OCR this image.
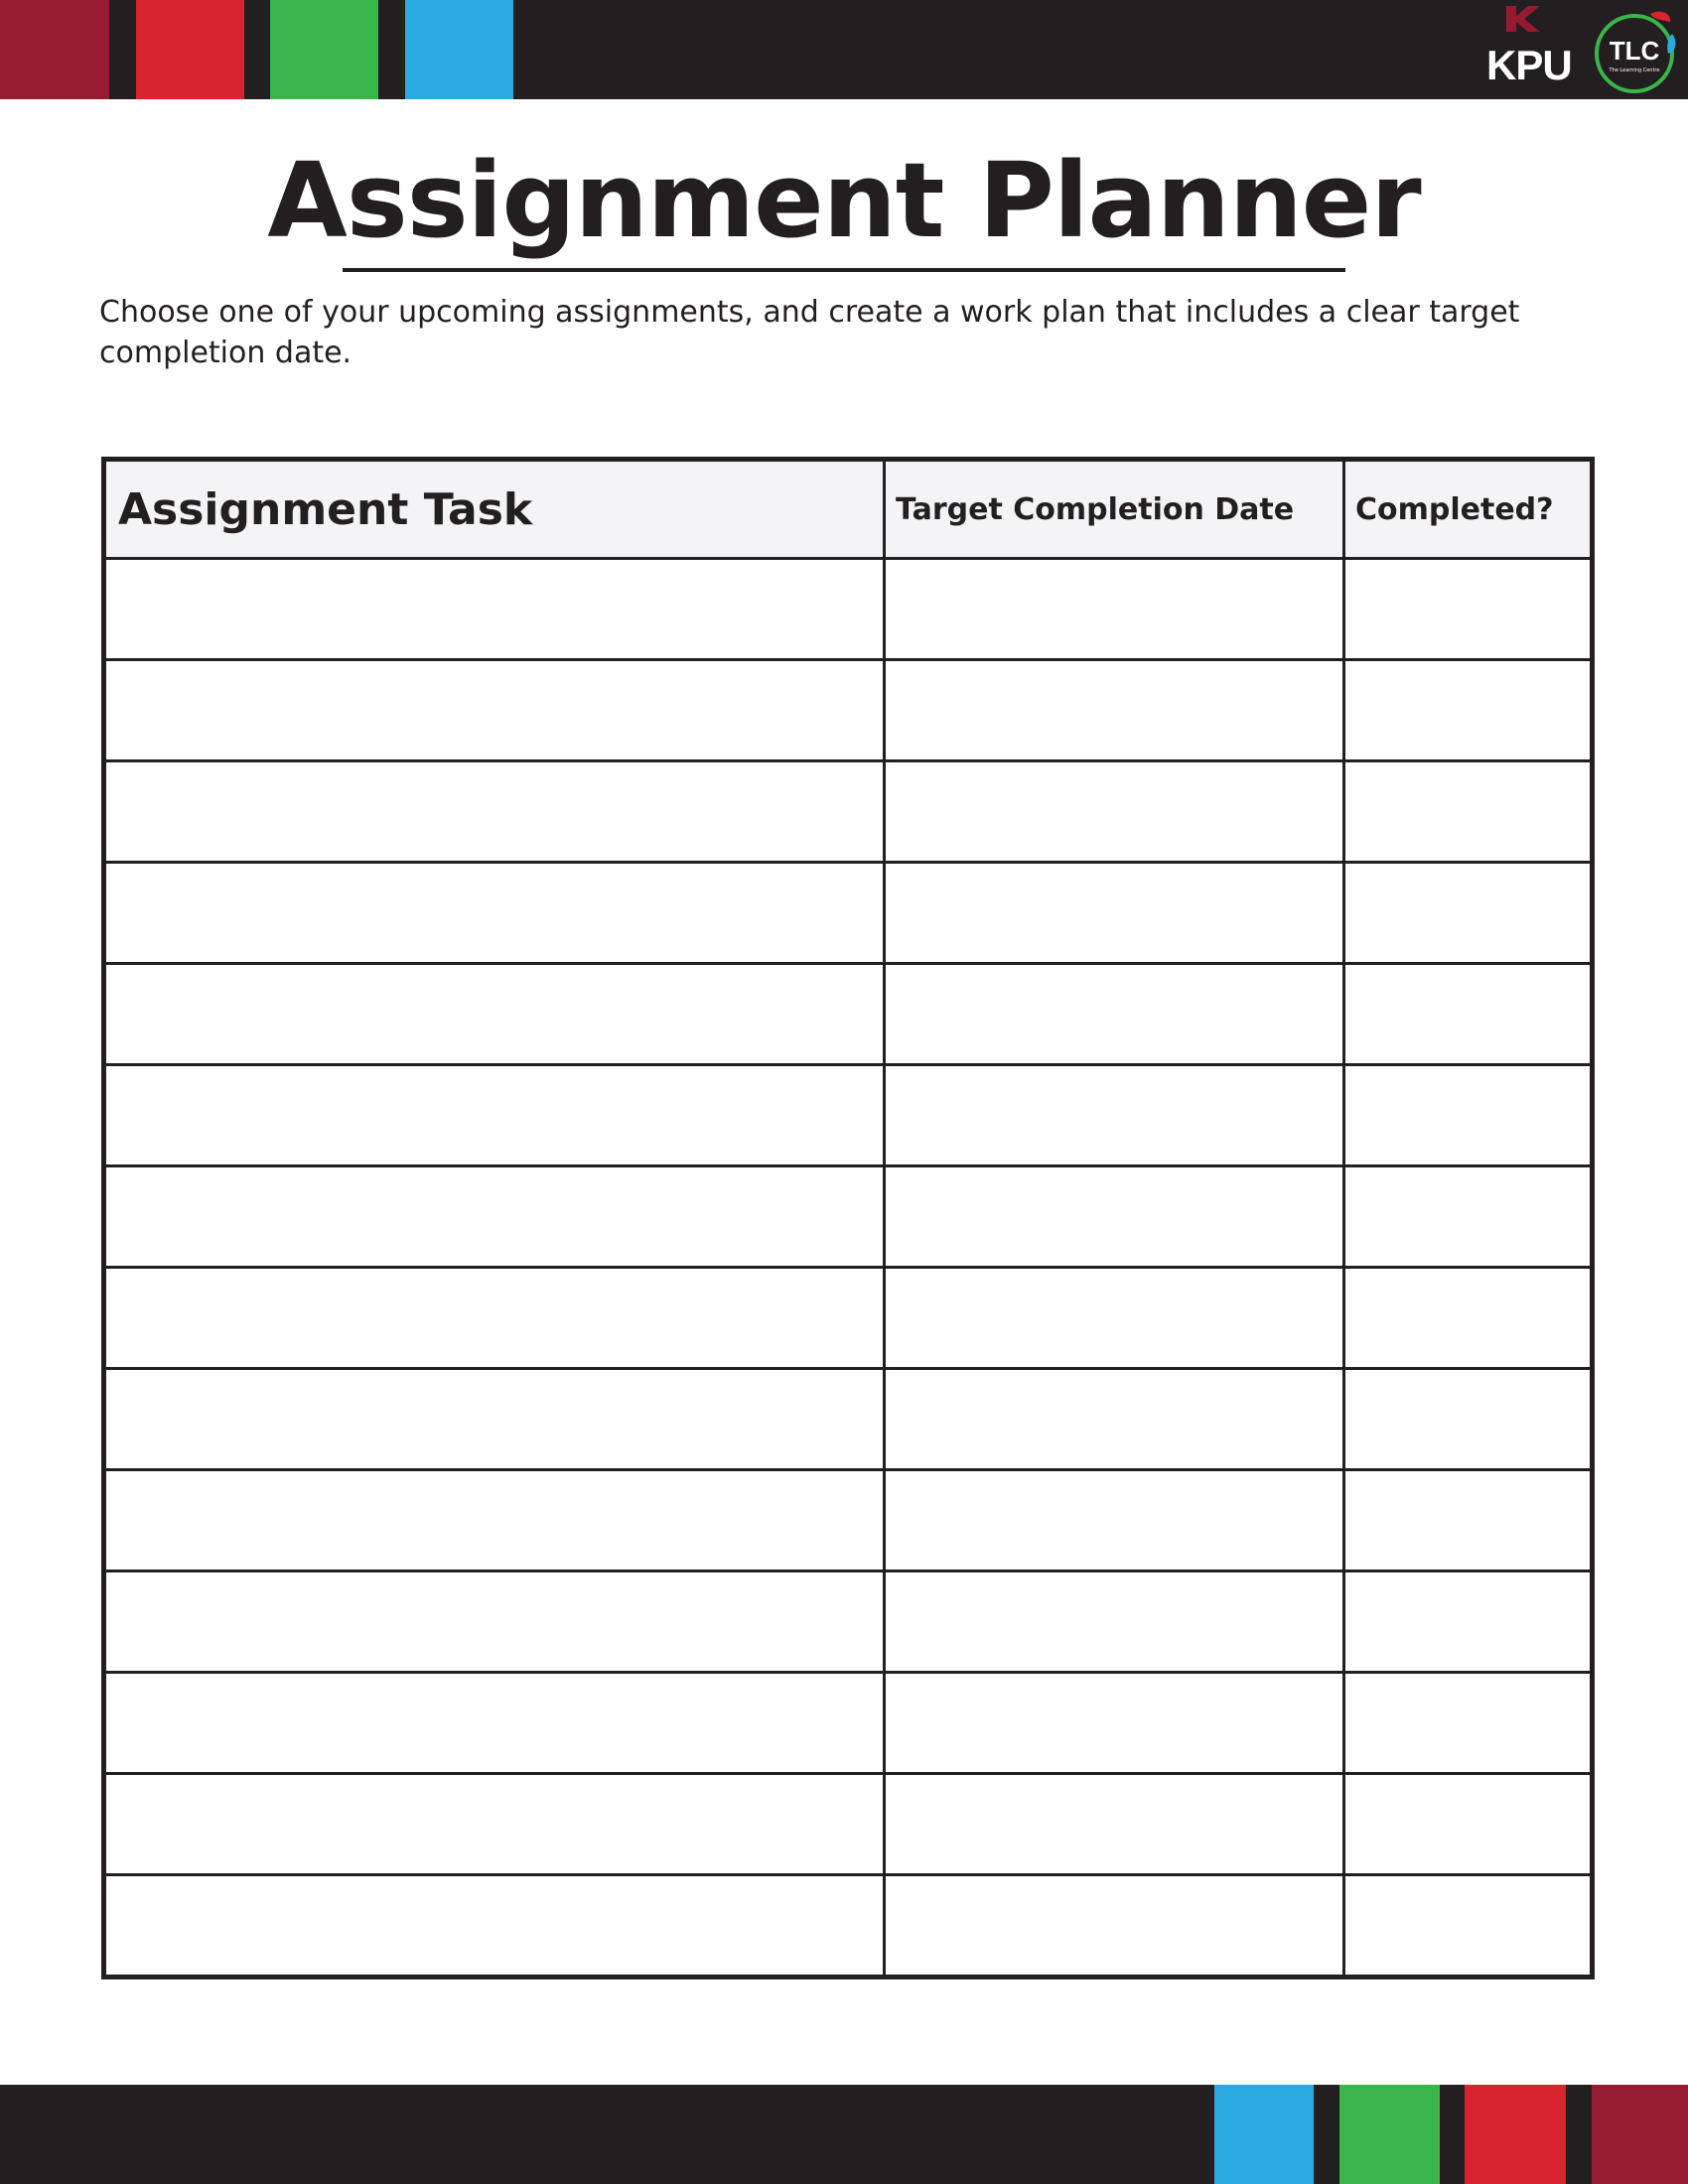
KPU TLC
The Learning Centre
Assignment Planner

Choose one of your upcoming assignments, and create a work plan that includes a clear target completion date.

Assignment Task	Target Completion Date	Completed?
